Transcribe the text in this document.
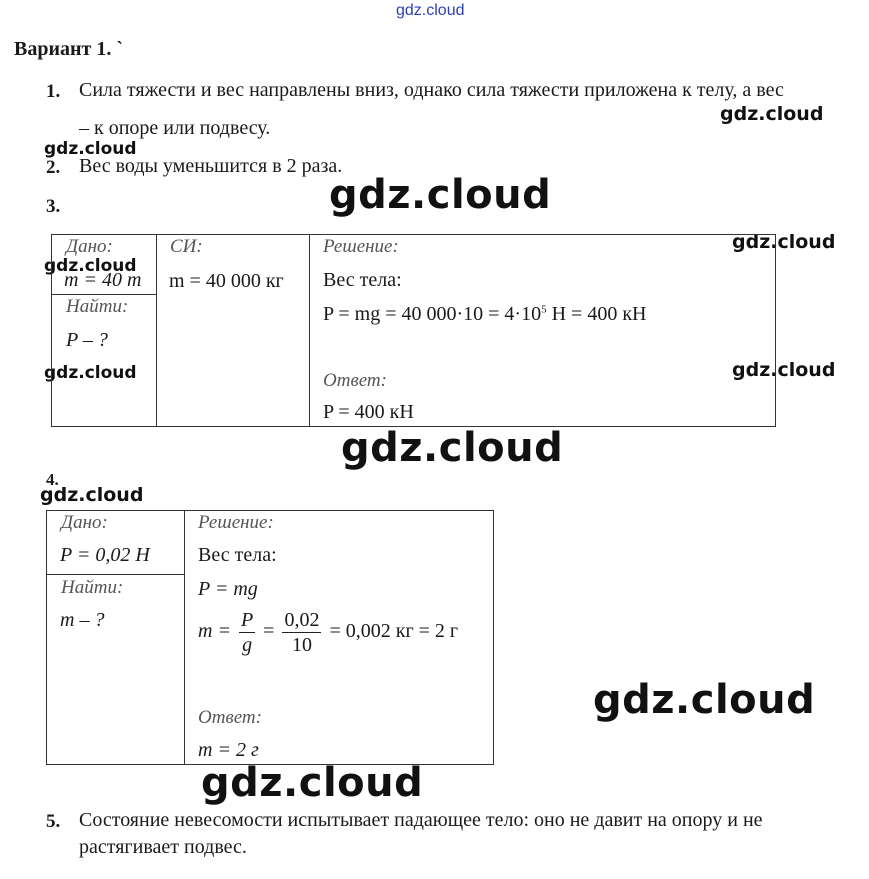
gdz.cloud
gdz.cloud
gdz.cloud
gdz.cloud
gdz.cloud
gdz.cloud
gdz.cloud
gdz.cloud
gdz.cloud
gdz.cloud
gdz.cloud
gdz.cloud
Вариант 1. `
1. Сила тяжести и вес направлены вниз, однако сила тяжести приложена к телу, а вес
– к опоре или подвесу.
2. Вес воды уменьшится в 2 раза.
3.
Дано:
m = 40 т
Найти:
P – ?
СИ:
m = 40 000 кг
Решение:
Вес тела:
P = mg = 40 $000\cdot 10 = 4\cdot 10^5$ Н = 400 кН
Ответ:
P = 400 кН
4.
Дано:
P = 0,02 Н
Найти:
m – ?
Решение:
Вес тела:
P = mg
$m = \frac{P}{g} = \frac{0,02}{10} = 0,002$ кг = 2 г
Ответ:
m = 2 г
5. Состояние невесомости испытывает падающее тело: оно не давит на опору и не
растягивает подвес.
